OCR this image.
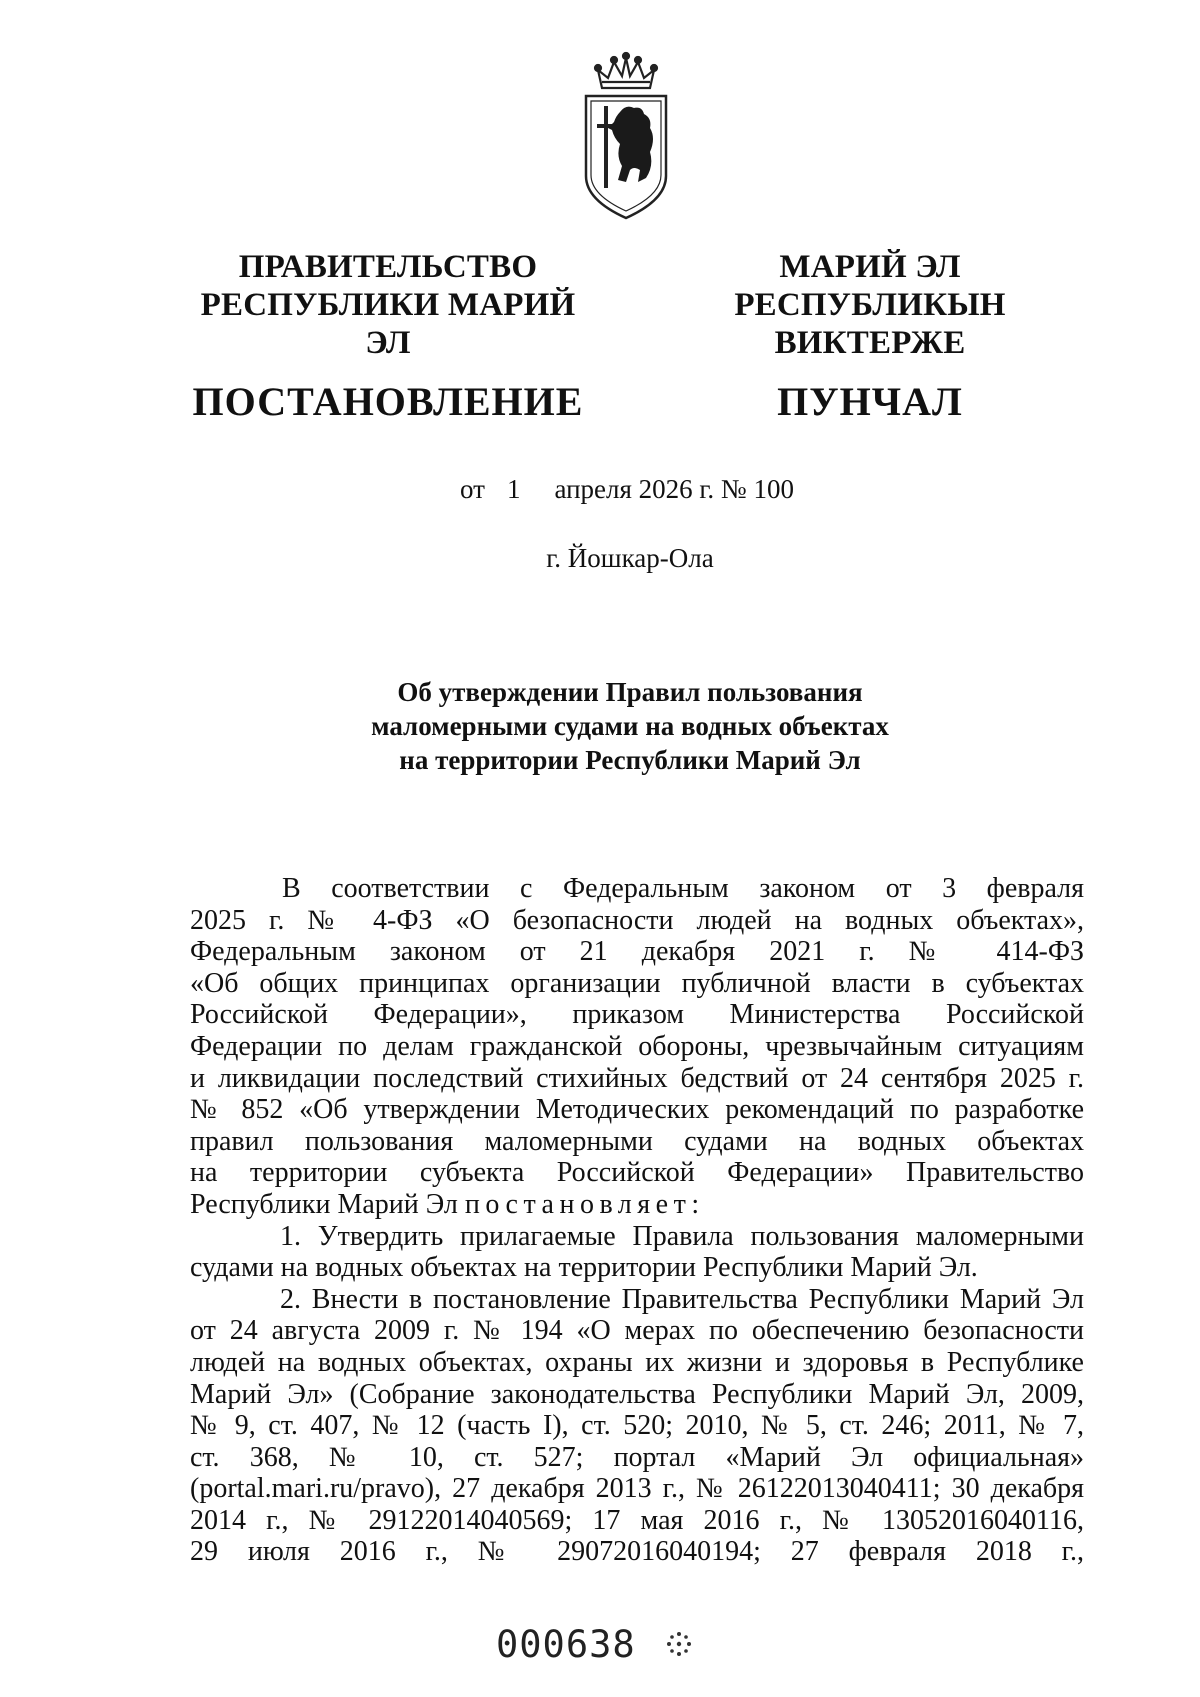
ПРАВИТЕЛЬСТВО
РЕСПУБЛИКИ МАРИЙ ЭЛ
ПОСТАНОВЛЕНИЕ
МАРИЙ ЭЛ РЕСПУБЛИКЫН
ВИКТЕРЖЕ
ПУНЧАЛ
от 1 апреля 2026 г. № 100
г. Йошкар-Ола
Об утверждении Правил пользования
маломерными судами на водных объектах
на территории Республики Марий Эл
В соответствии с Федеральным законом от 3 февраля
2025 г. № 4-ФЗ «О безопасности людей на водных объектах»,
Федеральным законом от 21 декабря 2021 г. № 414-ФЗ
«Об общих принципах организации публичной власти в субъектах
Российской Федерации», приказом Министерства Российской
Федерации по делам гражданской обороны, чрезвычайным ситуациям
и ликвидации последствий стихийных бедствий от 24 сентября 2025 г.
№ 852 «Об утверждении Методических рекомендаций по разработке
правил пользования маломерными судами на водных объектах
на территории субъекта Российской Федерации» Правительство
Республики Марий Эл постановляет:
1. Утвердить прилагаемые Правила пользования маломерными
судами на водных объектах на территории Республики Марий Эл.
2. Внести в постановление Правительства Республики Марий Эл
от 24 августа 2009 г. № 194 «О мерах по обеспечению безопасности
людей на водных объектах, охраны их жизни и здоровья в Республике
Марий Эл» (Собрание законодательства Республики Марий Эл, 2009,
№ 9, ст. 407, № 12 (часть I), ст. 520; 2010, № 5, ст. 246; 2011, № 7,
ст. 368, № 10, ст. 527; портал «Марий Эл официальная»
(portal.mari.ru/pravo), 27 декабря 2013 г., № 26122013040411; 30 декабря
2014 г., № 29122014040569; 17 мая 2016 г., № 13052016040116,
29 июля 2016 г., № 29072016040194; 27 февраля 2018 г.,
000638
